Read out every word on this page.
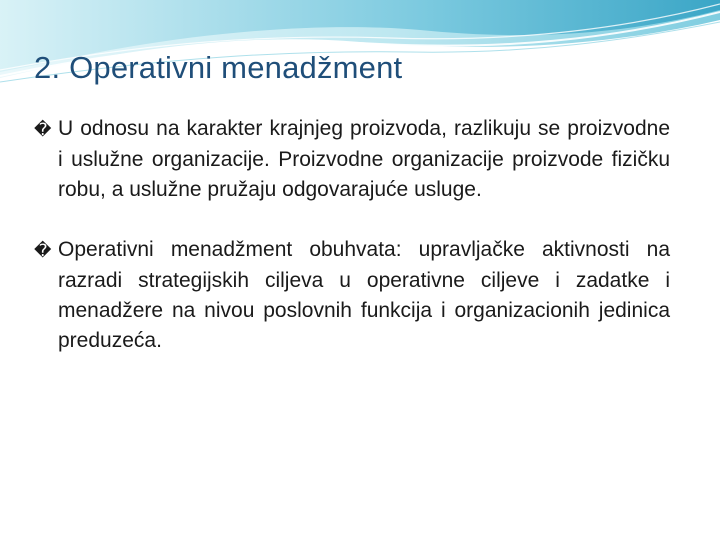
2. Operativni menadžment

� U odnosu na karakter krajnjeg proizvoda, razlikuju se proizvodne i uslužne organizacije. Proizvodne organizacije proizvode fizičku robu, a uslužne pružaju odgovarajuće usluge.

� Operativni menadžment obuhvata: upravljačke aktivnosti na razradi strategijskih ciljeva u operativne ciljeve i zadatke i menadžere na nivou poslovnih funkcija i organizacionih jedinica preduzeća.
